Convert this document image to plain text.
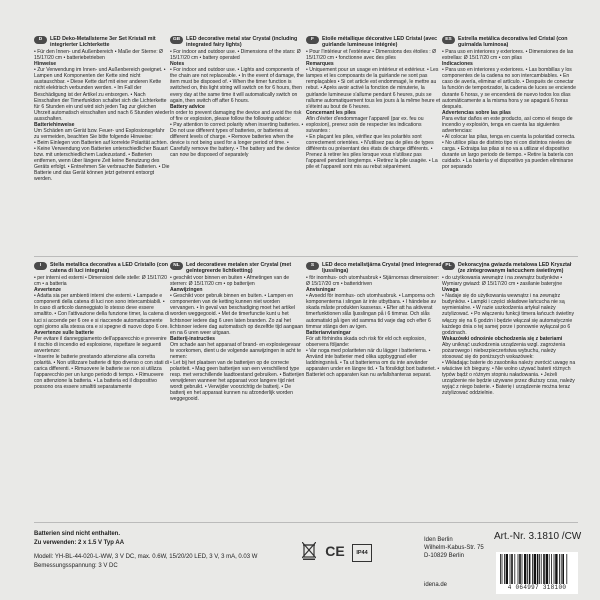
D	LED Deko-Metallsterne 3er Set Kristall mit integrierter Lichterkette

• Für den Innen- und Außenbereich • Maße der Sterne: Ø 15/17/20 cm • batteriebetrieben

Hinweise

• Zur Verwendung im Innen- und Außenbereich geeignet. • Lampen und Komponenten der Kette sind nicht austauschbar. • Diese Kette darf mit einer anderen Kette nicht elektrisch verbunden werden. • Im Fall der Beschädigung ist der Artikel zu entsorgen. • Nach Einschalten der Timerfunktion schaltet sich die Lichterkette für 6 Stunden ein und wird sich jeden Tag zur gleichen Uhrzeit automatisch einschalten und nach 6 Stunden wieder ausschalten.

Batteriehinweise

Um Schäden am Gerät bzw. Feuer- und Explosionsgefahr zu vermeiden, beachten Sie bitte folgende Hinweise:

• Beim Einlegen von Batterien auf korrekte Polarität achten. • Keine Verwendung von Batterien unterschiedlicher Bauart bzw. mit unterschiedlichem Ladezustand. • Batterien entfernen, wenn über längere Zeit keine Benutzung des Geräts erfolgt. • Entnehmen Sie verbrauchte Batterien. • Die Batterie und das Gerät können jetzt getrennt entsorgt werden.

GB	LED decorative metal star Crystal (including integrated fairy lights)

• For indoor and outdoor use. • Dimensions of the stars: Ø 15/17/20 cm • battery operated

Notes

• For indoor and outdoor use. • Lights and components of the chain are not replaceable. • In the event of damage, the item must be disposed of. • When the timer function is switched on, this light string will switch on for 6 hours, then every day at the same time it will automatically switch on again, then switch off after 6 hours.

Battery advice

In order to prevent damaging the device and avoid the risk of fire or explosion, please follow the following advice:

• Pay attention to correct polarity when inserting batteries. • Do not use different types of batteries, or batteries at different levels of charge. • Remove batteries when the device is not being used for a longer period of time. • Carefully remove the battery. • The battery and the device can now be disposed of separately

F	Étoile métallique décorative LED Cristal (avec guirlande lumineuse intégrée)

• Pour l'intérieur et l'extérieur • Dimensions des étoiles : Ø 15/17/20 cm • fonctionne avec des piles

Remarques

• Uniquement pour un usage en intérieur et extérieur. • Les lampes et les composants de la guirlande ne sont pas remplaçables • Si cet article est endommagé, le mettre au rebut. • Après avoir activé la fonction de minuterie, la guirlande lumineuse s'allume pendant 6 heures, puis se rallume automatiquement tous les jours à la même heure et s'éteint au bout de 6 heures.

Concernant les piles

Afin d'éviter d'endommager l'appareil (par ex. feu ou explosion), prenez soin de respecter les indications suivantes :

• En plaçant les piles, vérifiez que les polarités sont correctement orientées. • N'utilisez pas de piles de types différents ou présentant des états de charge différents. • Prenez à retirer les piles lorsque vous n'utilisez pas l'appareil pendant longtemps. • Retirez la pile usagée. • La pile et l'appareil sont mis au rebut séparément.

ES	Estrella metálica decorativa led Cristal (con guirnalda luminosa)

• Para uso en interiores y exteriores. • Dimensiones de las estrellas: Ø 15/17/20 cm • con pilas

Indicaciones

• Para uso en interiores y exteriores. • Las bombillas y los componentes de la cadena no son intercambiables. • En caso de avería, eliminar el artículo. • Después de conectar la función de temporizador, la cadena de luces se enciende durante 6 horas, y se encenderá de nuevo todos los días automáticamente a la misma hora y se apagará 6 horas después.

Advertencias sobre las pilas

Para evitar daños en este producto, así como el riesgo de incendio y explosión, tenga en cuenta las siguientes advertencias:

• Al colocar las pilas, tenga en cuenta la polaridad correcta. • No utilice pilas de distinto tipo ni con distintos niveles de carga. • Extraiga las pilas si no va a utilizar el dispositivo durante un largo periodo de tiempo. • Retire la batería con cuidado. • La batería y el dispositivo ya pueden eliminarse por separado

I	Stella metallica decorativa a LED Cristallo (con catena di luci integrata)

• per interni ed esterni • Dimensioni delle stelle: Ø 15/17/20 cm • a batteria

Avvertenze

• Adatta sia per ambienti interni che esterni. • Lampade e componenti della catena di luci non sono intercambiabili. • In caso di articolo danneggiato lo stesso deve essere smaltito. • Con l'attivazione della funzione timer, la catena di luci si accende per 6 ore e si riaccende automaticamente ogni giorno alla stessa ora e si spegne di nuovo dopo 6 ore.

Avvertenze sulle batterie

Per evitare il danneggiamento dell'apparecchio e prevenire il rischio di incendio ed esplosione, rispettare le seguenti avvertenze:

• Inserire le batterie prestando attenzione alla corretta polarità. • Non utilizzare batterie di tipo diverso o con stati di carica differenti. • Rimuovere le batterie se non si utilizza l'apparecchio per un lungo periodo di tempo. • Rimuovere con attenzione la batteria. • La batteria ed il dispositivo possono ora essere smaltiti separatamente

NL	Led decoratieve metalen ster Crystal (met geïntegreerde lichtketting)

• geschikt voor binnen en buiten • Afmetingen van de sterren: Ø 15/17/20 cm • op batterijen

Aanwijzingen

• Geschikt voor gebruik binnen en buiten. • Lampen en componenten van de ketting kunnen niet worden vervangen. • In geval van beschadiging moet het artikel worden weggegooid. • Met de timerfunctie kunt u het lichtsnoer iedere dag 6 uren laten branden. Zo zal het lichtsnoer iedere dag automatisch op dezelfde tijd aangaan en na 6 uren weer uitgaan.

Batterij-instructies

Om schade aan het apparaat of brand- en explosiegevaar te voorkomen, dient u de volgende aanwijzingen in acht te nemen:

• Let bij het plaatsen van de batterijen op de correcte polariteit. • Mag geen batterijen van een verschillend type resp. met verschillende laadtoestand gebruiken. • Batterijen verwijderen wanneer het apparaat voor langere tijd niet wordt gebruikt. • Verwijder voorzichtig de batterij. • De batterij en het apparaat kunnen nu afzonderlijk worden weggegooid.

S	LED deco metallstjärna Crystal (med integrerad ljusslinga)

• för inomhus- och utomhusbruk • Stjärnornas dimensioner: Ø 15/17/20 cm • batteridriven

Anvisningar

• Avsedd för inomhus- och utomhusbruk. • Lamporna och komponenterna i slingan är inte utbytbara. • I händelse av skada måste produkten kasseras. • Efter att ha aktiverat timerfunktionen slås ljusslingan på i 6 timmar. Och slås automatiskt på igen vid samma tid varje dag och efter 6 timmar stängs den av igen.

Batterianvisningar

För att förhindra skada och risk för eld och explosion, observera följande:

• Var noga med polariteten när du lägger i batterierna. • Använd inte batterier med olika uppbyggnad eller laddningsnivå. • Ta ut batterierna om du inte använder apparaten under en längre tid. • Ta försiktigt bort batteriet. • Batteriet och apparaten kan nu avfallshanteras separat.

PL	Dekoracyjna gwiazda metalowa LED Kryształ (ze zintegrowanym łańcuchem świetlnym)

• do użytkowania wewnątrz i na zewnątrz budynków • Wymiary gwiazd: Ø 15/17/20 cm • zasilanie bateryjne

Uwaga

• Nadaje się do użytkowania wewnątrz i na zewnątrz budynków. • Lampki i części składowe łańcucha nie są wymienialne. • W razie uszkodzenia artykuł należy zutylizować. • Po włączeniu funkcji timera łańcuch świetlny włączy się na 6 godzin i będzie włączał się automatycznie każdego dnia o tej samej porze i ponownie wyłączał po 6 godzinach.

Wskazówki odnośnie obchodzenia się z bateriami

Aby uniknąć uszkodzenia urządzenia wzgl. zagrożenia pożarowego i niebezpieczeństwa wybuchu, należy stosować się do poniższych wskazówek:

• Wkładając baterie do zasobnika należy zwrócić uwagę na właściwe ich bieguny. • Nie wolno używać baterii różnych typów bądź o różnym stopniu naładowania. • Jeżeli urządzenie nie będzie używane przez dłuższy czas, należy wyjąć z niego baterie. • Baterię i urządzenie można teraz zutylizować oddzielnie.

Batterien sind nicht enthalten.
Zu verwenden: 2 x 1.5 V Typ AA
Modell: YH-BL-44-020-L-WW, 3 V DC, max. 0.6W, 15/20/20 LED, 3 V, 3 mA, 0.03 W
Bemessungsspannung: 3 V DC
CE IP44
Iden Berlin
Wilhelm-Kabus-Str. 75
D-10829 Berlin
Art.-Nr. 3.1810 /CW
4 064997 318100
idena.de
